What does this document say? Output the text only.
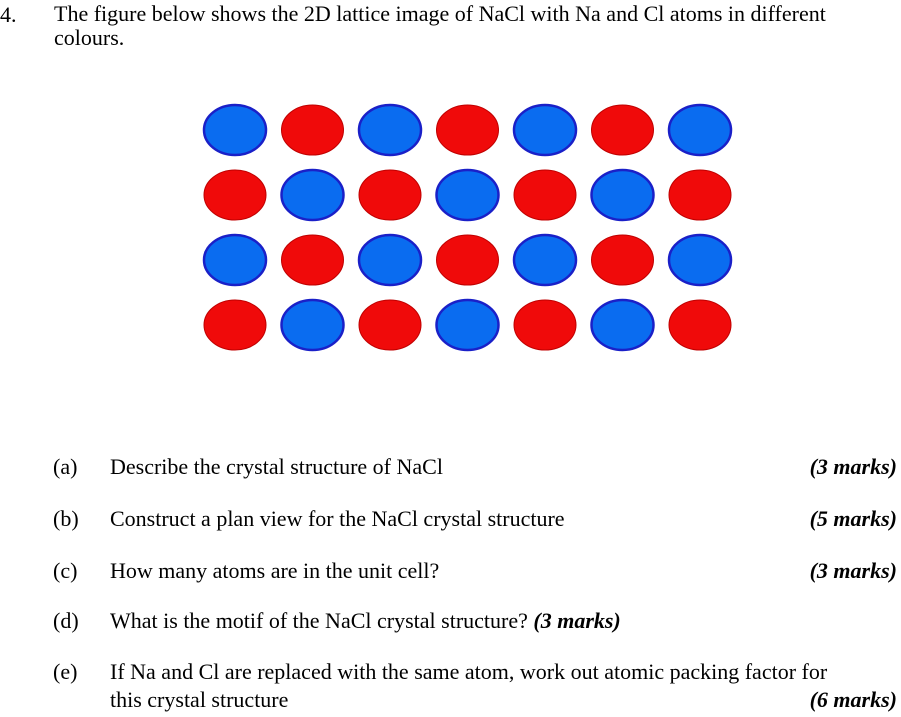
4. The figure below shows the 2D lattice image of NaCl with Na and Cl atoms in different colours.
(a) Describe the crystal structure of NaCl	(3 marks)
(b) Construct a plan view for the NaCl crystal structure	(5 marks)
(c) How many atoms are in the unit cell?	(3 marks)
(d) What is the motif of the NaCl crystal structure? (3 marks)
(e) If Na and Cl are replaced with the same atom, work out atomic packing factor for
this crystal structure	(6 marks)
